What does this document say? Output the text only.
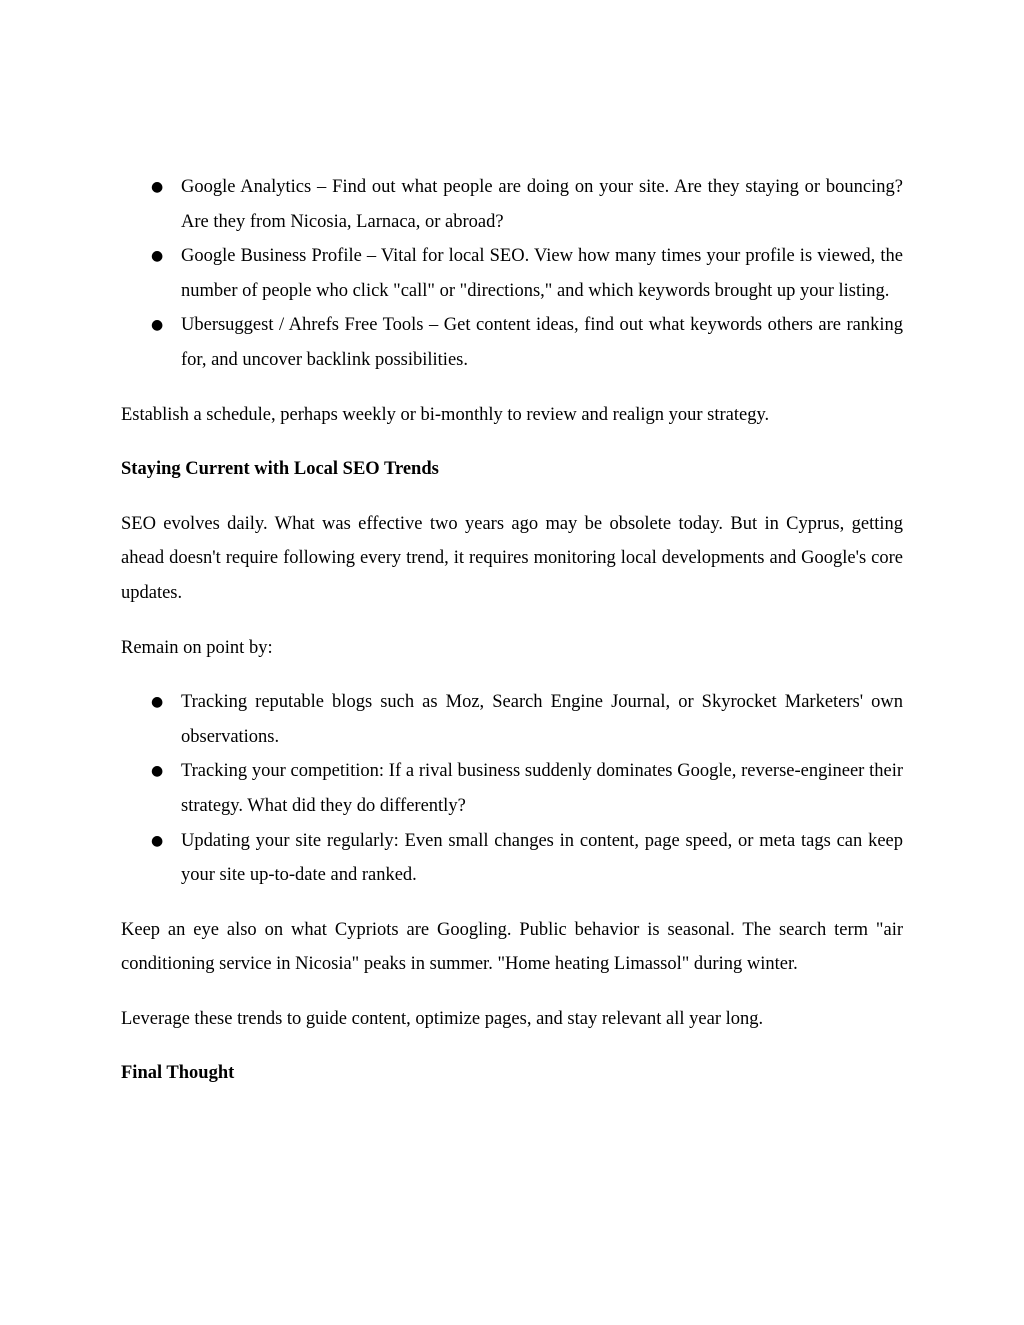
● Google Analytics – Find out what people are doing on your site. Are they staying or bouncing? Are they from Nicosia, Larnaca, or abroad?
● Google Business Profile – Vital for local SEO. View how many times your profile is viewed, the number of people who click "call" or "directions," and which keywords brought up your listing.
● Ubersuggest / Ahrefs Free Tools – Get content ideas, find out what keywords others are ranking for, and uncover backlink possibilities.

Establish a schedule, perhaps weekly or bi-monthly to review and realign your strategy.

Staying Current with Local SEO Trends

SEO evolves daily. What was effective two years ago may be obsolete today. But in Cyprus, getting ahead doesn't require following every trend, it requires monitoring local developments and Google's core updates.

Remain on point by:

● Tracking reputable blogs such as Moz, Search Engine Journal, or Skyrocket Marketers' own observations.
● Tracking your competition: If a rival business suddenly dominates Google, reverse-engineer their strategy. What did they do differently?
● Updating your site regularly: Even small changes in content, page speed, or meta tags can keep your site up-to-date and ranked.

Keep an eye also on what Cypriots are Googling. Public behavior is seasonal. The search term "air conditioning service in Nicosia" peaks in summer. "Home heating Limassol" during winter.

Leverage these trends to guide content, optimize pages, and stay relevant all year long.

Final Thought
